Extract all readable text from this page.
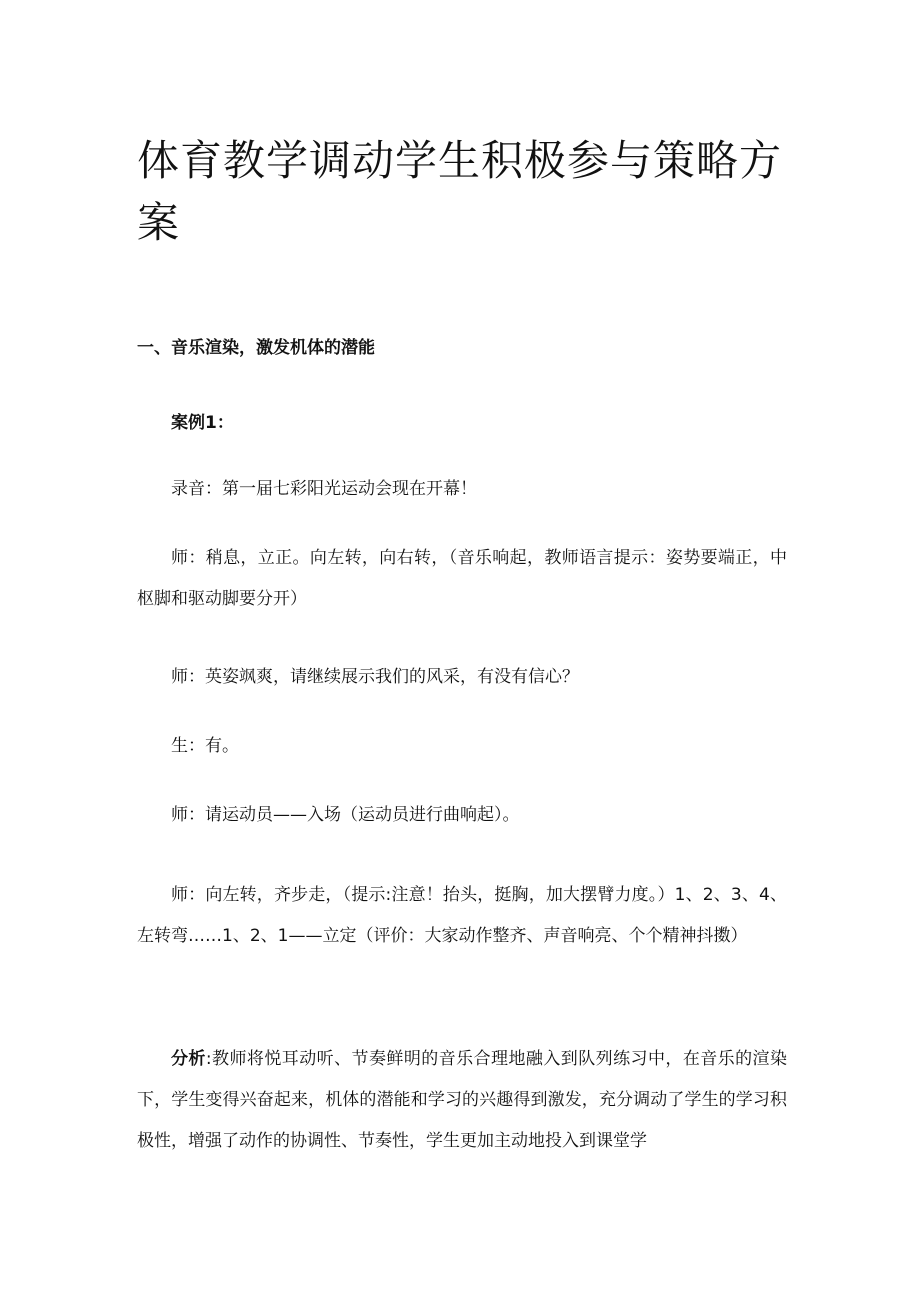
体育教学调动学生积极参与策略方案
一、音乐渲染，激发机体的潜能

案例1：

录音：第一届七彩阳光运动会现在开幕！

师：稍息，立正。向左转，向右转，（音乐响起，教师语言提示：姿势要端正，中枢脚和驱动脚要分开）

师：英姿飒爽，请继续展示我们的风采，有没有信心？

生：有。

师：请运动员——入场（运动员进行曲响起）。

师：向左转，齐步走，（提示:注意！抬头，挺胸，加大摆臂力度。）1、2、3、4、左转弯……1、2、1——立定（评价：大家动作整齐、声音响亮、个个精神抖擞）

分析:教师将悦耳动听、节奏鲜明的音乐合理地融入到队列练习中，在音乐的渲染下，学生变得兴奋起来，机体的潜能和学习的兴趣得到激发，充分调动了学生的学习积极性，增强了动作的协调性、节奏性，学生更加主动地投入到课堂学
